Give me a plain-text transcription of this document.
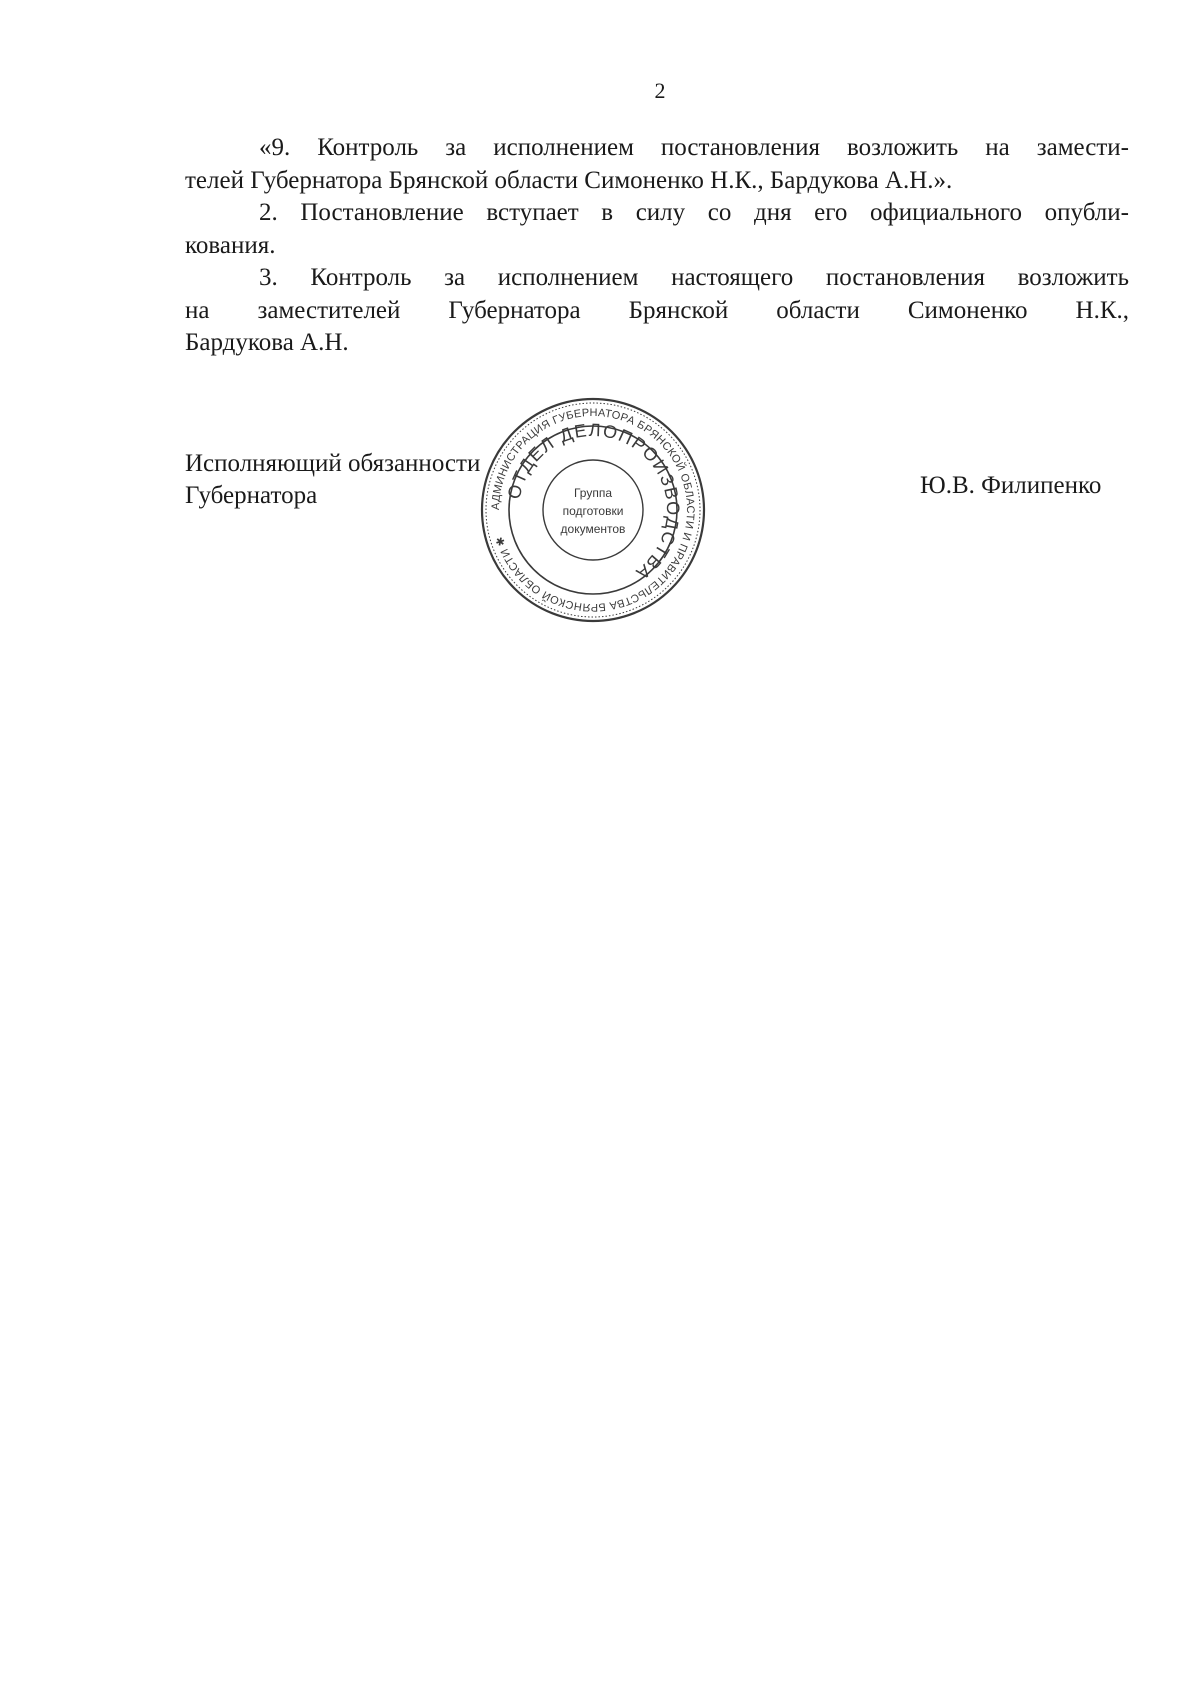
2

«9. Контроль за исполнением постановления возложить на замести-
телей Губернатора Брянской области Симоненко Н.К., Бардукова А.Н.».

2. Постановление вступает в силу со дня его официального опубли-
кования.

3. Контроль за исполнением настоящего постановления возложить
на заместителей Губернатора Брянской области Симоненко Н.К.,
Бардукова А.Н.

Исполняющий обязанности
Губернатора	Ю.В. Филипенко
АДМИНИСТРАЦИЯ ГУБЕРНАТОРА БРЯНСКОЙ ОБЛАСТИ И ПРАВИТЕЛЬСТВА БРЯНСКОЙ ОБЛАСТИ ✱
ОТДЕЛ ДЕЛОПРОИЗВОДСТВА
Группа
подготовки
документов
